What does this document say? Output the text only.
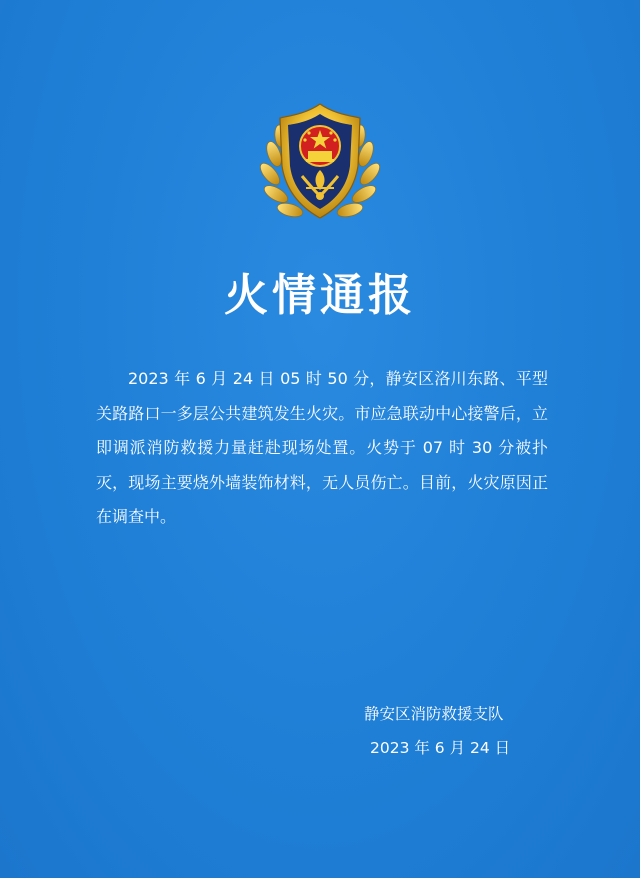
火情通报

2023 年 6 月 24 日 05 时 50 分，静安区洛川东路、平型关路路口一多层公共建筑发生火灾。市应急联动中心接警后，立即调派消防救援力量赶赴现场处置。火势于 07 时 30 分被扑灭，现场主要烧外墙装饰材料，无人员伤亡。目前，火灾原因正在调查中。

静安区消防救援支队
2023 年 6 月 24 日
